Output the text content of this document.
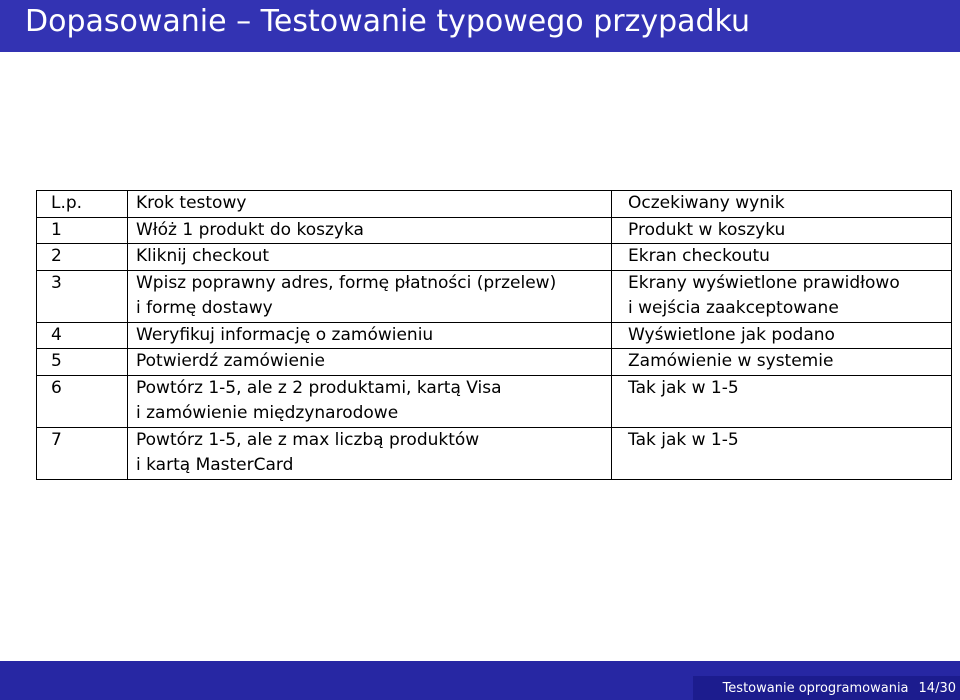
Dopasowanie – Testowanie typowego przypadku
L.p.	Krok testowy	Oczekiwany wynik
1	Włóż 1 produkt do koszyka	Produkt w koszyku

2	Kliknij checkout	Ekran checkoutu

3	Wpisz poprawny adres, formę płatności (przelew)
i formę dostawy	Ekrany wyświetlone prawidłowo
i wejścia zaakceptowane

4	Weryfikuj informację o zamówieniu	Wyświetlone jak podano

5	Potwierdź zamówienie	Zamówienie w systemie

6	Powtórz 1-5, ale z 2 produktami, kartą Visa
i zamówienie międzynarodowe	Tak jak w 1-5

7	Powtórz 1-5, ale z max liczbą produktów
i kartą MasterCard	Tak jak w 1-5
Testowanie oprogramowania 14/30
